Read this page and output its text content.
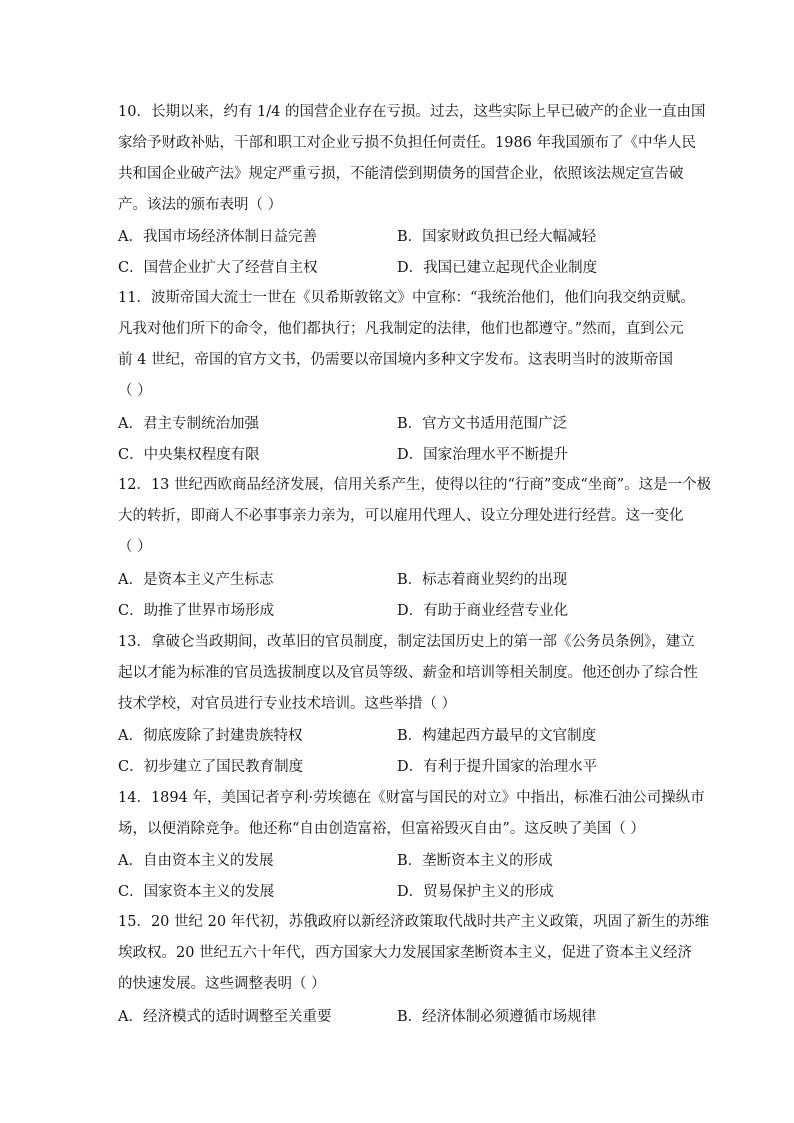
10．长期以来，约有 1/4 的国营企业存在亏损。过去，这些实际上早已破产的企业一直由国
家给予财政补贴，干部和职工对企业亏损不负担任何责任。1986 年我国颁布了《中华人民
共和国企业破产法》规定严重亏损，不能清偿到期债务的国营企业，依照该法规定宣告破
产。该法的颁布表明（ ）
A．我国市场经济体制日益完善	B．国家财政负担已经大幅减轻
C．国营企业扩大了经营自主权	D．我国已建立起现代企业制度
11．波斯帝国大流士一世在《贝希斯敦铭文》中宣称：“我统治他们，他们向我交纳贡赋。
凡我对他们所下的命令，他们都执行；凡我制定的法律，他们也都遵守。”然而，直到公元
前 4 世纪，帝国的官方文书，仍需要以帝国境内多种文字发布。这表明当时的波斯帝国
（ ）
A．君主专制统治加强	B．官方文书适用范围广泛
C．中央集权程度有限	D．国家治理水平不断提升
12．13 世纪西欧商品经济发展，信用关系产生，使得以往的“行商”变成“坐商”。这是一个极
大的转折，即商人不必事事亲力亲为，可以雇用代理人、设立分理处进行经营。这一变化
（ ）
A．是资本主义产生标志	B．标志着商业契约的出现
C．助推了世界市场形成	D．有助于商业经营专业化
13．拿破仑当政期间，改革旧的官员制度，制定法国历史上的第一部《公务员条例》，建立
起以才能为标准的官员选拔制度以及官员等级、薪金和培训等相关制度。他还创办了综合性
技术学校，对官员进行专业技术培训。这些举措（ ）
A．彻底废除了封建贵族特权	B．构建起西方最早的文官制度
C．初步建立了国民教育制度	D．有利于提升国家的治理水平
14．1894 年，美国记者亨利·劳埃德在《财富与国民的对立》中指出，标准石油公司操纵市
场，以便消除竞争。他还称“自由创造富裕，但富裕毁灭自由”。这反映了美国（ ）
A．自由资本主义的发展	B．垄断资本主义的形成
C．国家资本主义的发展	D．贸易保护主义的形成
15．20 世纪 20 年代初，苏俄政府以新经济政策取代战时共产主义政策，巩固了新生的苏维
埃政权。20 世纪五六十年代，西方国家大力发展国家垄断资本主义，促进了资本主义经济
的快速发展。这些调整表明（ ）
A．经济模式的适时调整至关重要	B．经济体制必须遵循市场规律
